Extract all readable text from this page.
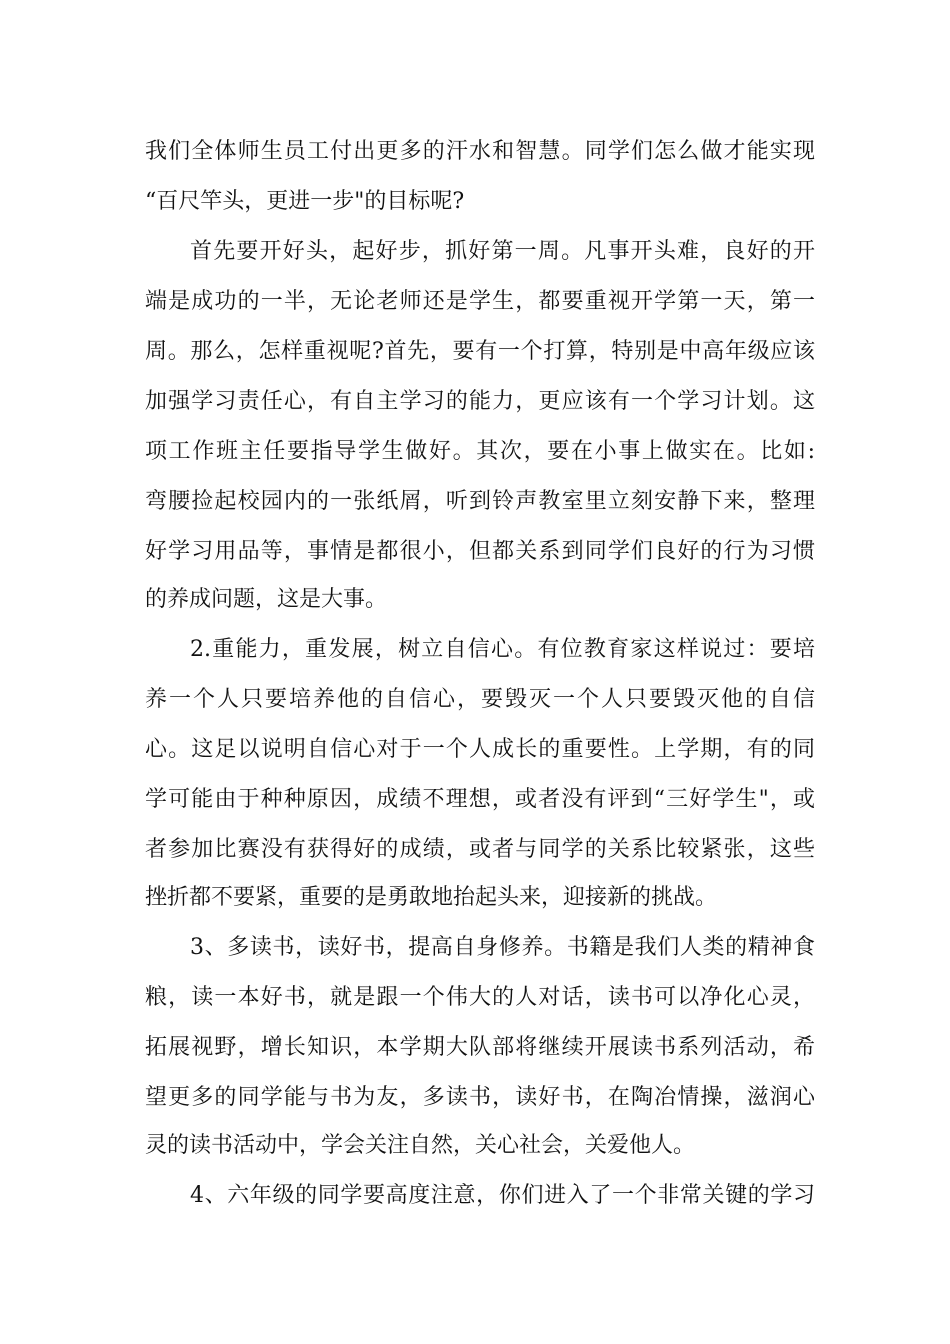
我们全体师生员工付出更多的汗水和智慧。同学们怎么做才能实现
“百尺竿头，更进一步"的目标呢?
首先要开好头，起好步，抓好第一周。凡事开头难，良好的开
端是成功的一半，无论老师还是学生，都要重视开学第一天，第一
周。那么，怎样重视呢?首先，要有一个打算，特别是中高年级应该
加强学习责任心，有自主学习的能力，更应该有一个学习计划。这
项工作班主任要指导学生做好。其次，要在小事上做实在。比如:
弯腰捡起校园内的一张纸屑，听到铃声教室里立刻安静下来，整理
好学习用品等，事情是都很小，但都关系到同学们良好的行为习惯
的养成问题，这是大事。
2.重能力，重发展，树立自信心。有位教育家这样说过：要培
养一个人只要培养他的自信心，要毁灭一个人只要毁灭他的自信
心。这足以说明自信心对于一个人成长的重要性。上学期，有的同
学可能由于种种原因，成绩不理想，或者没有评到“三好学生"，或
者参加比赛没有获得好的成绩，或者与同学的关系比较紧张，这些
挫折都不要紧，重要的是勇敢地抬起头来，迎接新的挑战。
3、多读书，读好书，提高自身修养。书籍是我们人类的精神食
粮，读一本好书，就是跟一个伟大的人对话，读书可以净化心灵，
拓展视野，增长知识，本学期大队部将继续开展读书系列活动，希
望更多的同学能与书为友，多读书，读好书，在陶冶情操，滋润心
灵的读书活动中，学会关注自然，关心社会，关爱他人。
4、六年级的同学要高度注意，你们进入了一个非常关键的学习
